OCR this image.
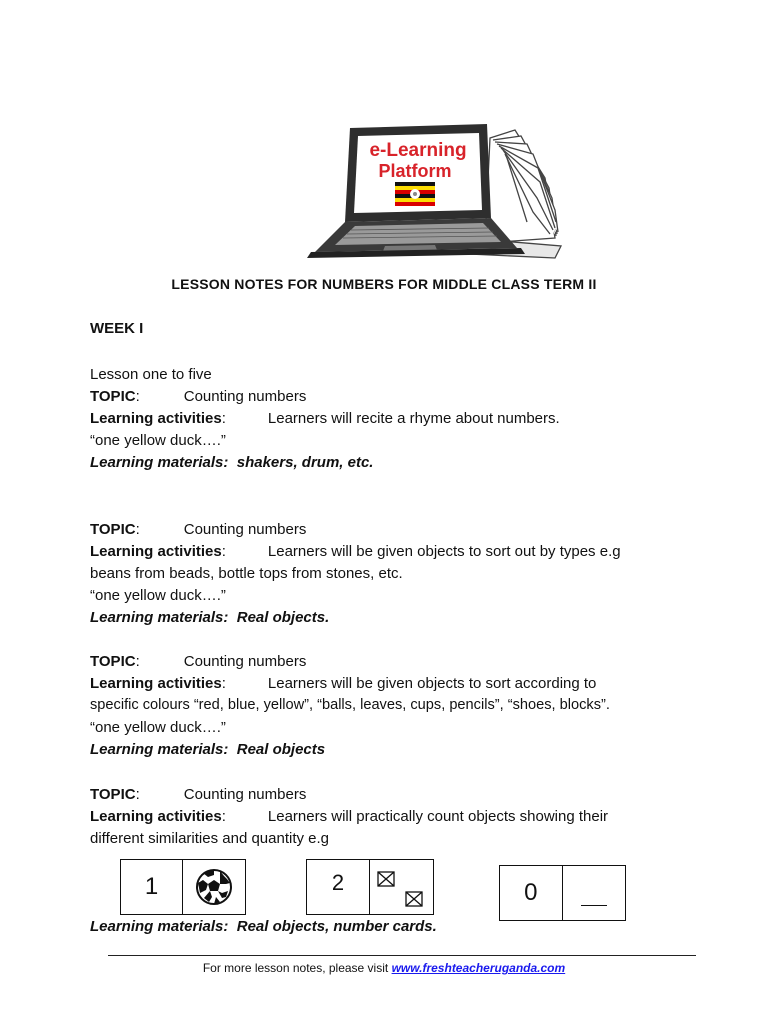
e-Learning
Platform
LESSON NOTES FOR NUMBERS FOR MIDDLE CLASS TERM II
WEEK I
Lesson one to five
TOPIC:	Counting numbers
Learning activities:	Learners will recite a rhyme about numbers.
“one yellow duck….”
Learning materials: shakers, drum, etc.
TOPIC:	Counting numbers
Learning activities:	Learners will be given objects to sort out by types e.g
beans from beads, bottle tops from stones, etc.
“one yellow duck….”
Learning materials: Real objects.
TOPIC:	Counting numbers
Learning activities:	Learners will be given objects to sort according to
specific colours “red, blue, yellow”, “balls, leaves, cups, pencils”, “shoes, blocks”.
“one yellow duck….”
Learning materials: Real objects
TOPIC:	Counting numbers
Learning activities:	Learners will practically count objects showing their
different similarities and quantity e.g
1	2	0
Learning materials: Real objects, number cards.
For more lesson notes, please visit www.freshteacheruganda.com
